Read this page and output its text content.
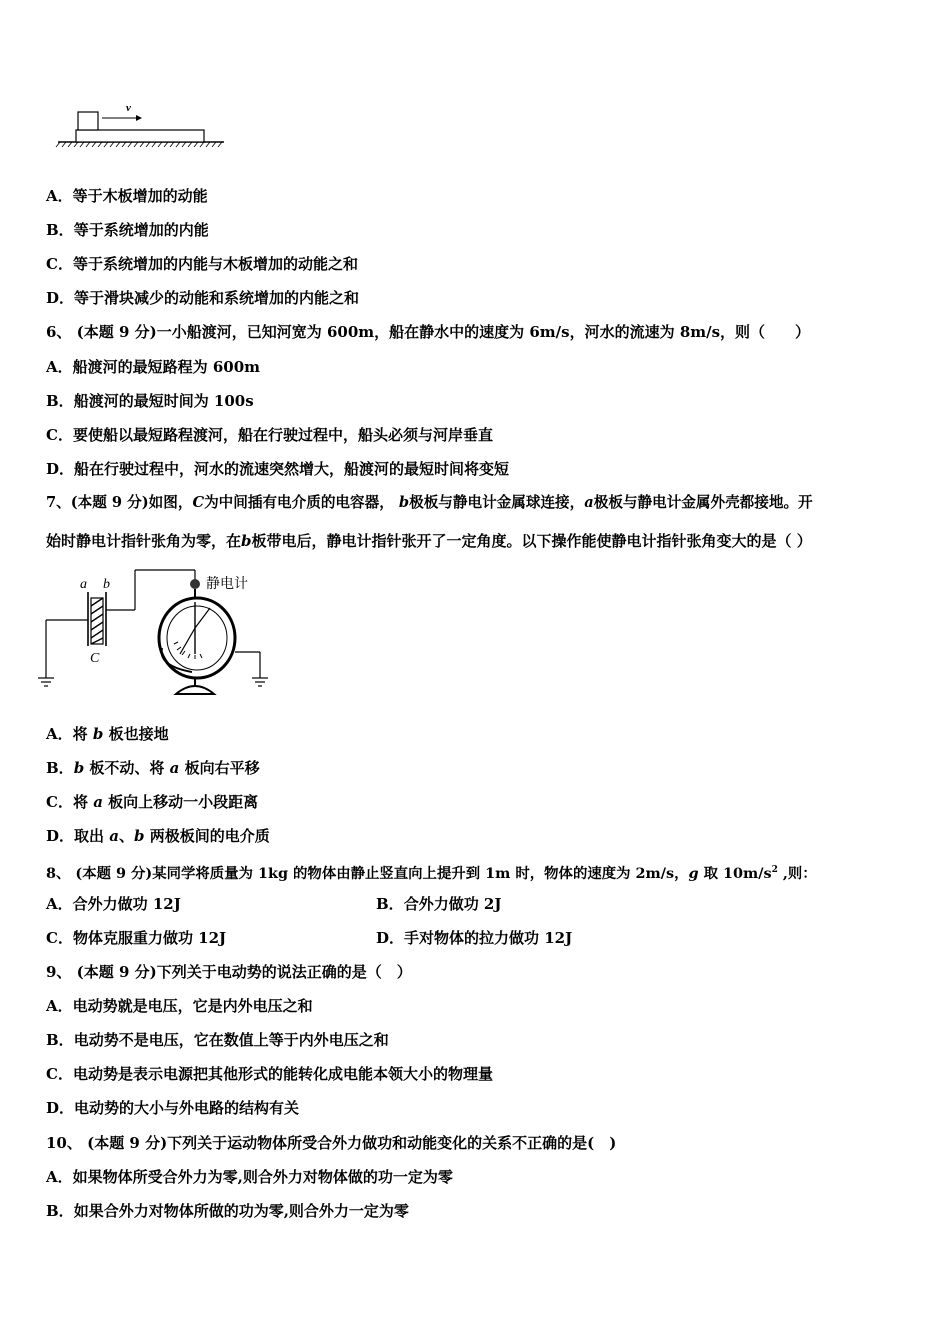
v
A．等于木板增加的动能
B．等于系统增加的内能
C．等于系统增加的内能与木板增加的动能之和
D．等于滑块减少的动能和系统增加的内能之和
6、 (本题 9 分)一小船渡河，已知河宽为 600m，船在静水中的速度为 6m/s，河水的流速为 8m/s，则（　　）
A．船渡河的最短路程为 600m
B．船渡河的最短时间为 100s
C．要使船以最短路程渡河，船在行驶过程中，船头必须与河岸垂直
D．船在行驶过程中，河水的流速突然增大，船渡河的最短时间将变短
7、(本题 9 分)如图，C为中间插有电介质的电容器， b极板与静电计金属球连接，a极板与静电计金属外壳都接地。开
始时静电计指针张角为零，在b板带电后，静电计指针张开了一定角度。以下操作能使静电计指针张角变大的是（ ）
a b
C
静电计
A．将 b 板也接地
B．b 板不动、将 a 板向右平移
C．将 a 板向上移动一小段距离
D．取出 a、b 两极板间的电介质
8、 (本题 9 分)某同学将质量为 1kg 的物体由静止竖直向上提升到 1m 时，物体的速度为 2m/s，g 取 $10m/s^2$ ,则：
A．合外力做功 12J	B．合外力做功 2J
C．物体克服重力做功 12J	D．手对物体的拉力做功 12J
9、 (本题 9 分)下列关于电动势的说法正确的是（　）
A．电动势就是电压，它是内外电压之和
B．电动势不是电压，它在数值上等于内外电压之和
C．电动势是表示电源把其他形式的能转化成电能本领大小的物理量
D．电动势的大小与外电路的结构有关
10、 (本题 9 分)下列关于运动物体所受合外力做功和动能变化的关系不正确的是(　)
A．如果物体所受合外力为零,则合外力对物体做的功一定为零
B．如果合外力对物体所做的功为零,则合外力一定为零
